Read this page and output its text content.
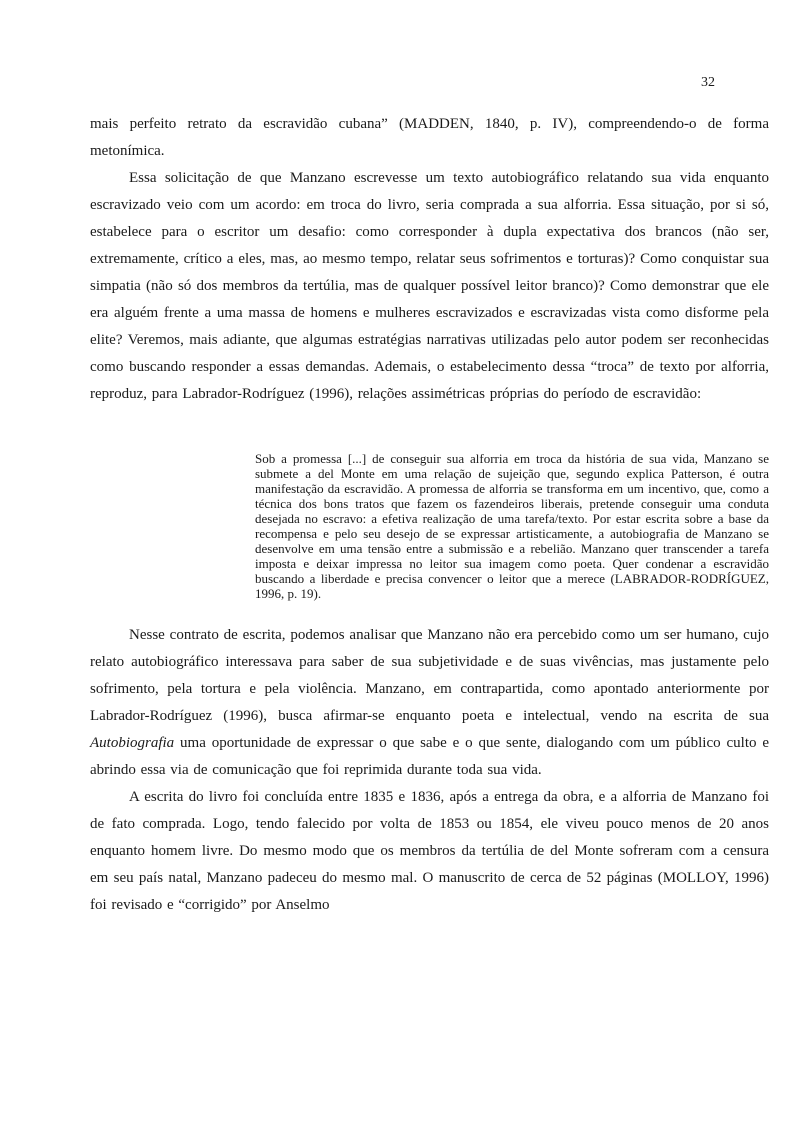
32

mais perfeito retrato da escravidão cubana” (MADDEN, 1840, p. IV), compreendendo-o de forma metonímica.

Essa solicitação de que Manzano escrevesse um texto autobiográfico relatando sua vida enquanto escravizado veio com um acordo: em troca do livro, seria comprada a sua alforria. Essa situação, por si só, estabelece para o escritor um desafio: como corresponder à dupla expectativa dos brancos (não ser, extremamente, crítico a eles, mas, ao mesmo tempo, relatar seus sofrimentos e torturas)? Como conquistar sua simpatia (não só dos membros da tertúlia, mas de qualquer possível leitor branco)? Como demonstrar que ele era alguém frente a uma massa de homens e mulheres escravizados e escravizadas vista como disforme pela elite? Veremos, mais adiante, que algumas estratégias narrativas utilizadas pelo autor podem ser reconhecidas como buscando responder a essas demandas. Ademais, o estabelecimento dessa “troca” de texto por alforria, reproduz, para Labrador-Rodríguez (1996), relações assimétricas próprias do período de escravidão:

Sob a promessa [...] de conseguir sua alforria em troca da história de sua vida, Manzano se submete a del Monte em uma relação de sujeição que, segundo explica Patterson, é outra manifestação da escravidão. A promessa de alforria se transforma em um incentivo, que, como a técnica dos bons tratos que fazem os fazendeiros liberais, pretende conseguir uma conduta desejada no escravo: a efetiva realização de uma tarefa/texto. Por estar escrita sobre a base da recompensa e pelo seu desejo de se expressar artisticamente, a autobiografia de Manzano se desenvolve em uma tensão entre a submissão e a rebelião. Manzano quer transcender a tarefa imposta e deixar impressa no leitor sua imagem como poeta. Quer condenar a escravidão buscando a liberdade e precisa convencer o leitor que a merece (LABRADOR-RODRÍGUEZ, 1996, p. 19).

Nesse contrato de escrita, podemos analisar que Manzano não era percebido como um ser humano, cujo relato autobiográfico interessava para saber de sua subjetividade e de suas vivências, mas justamente pelo sofrimento, pela tortura e pela violência. Manzano, em contrapartida, como apontado anteriormente por Labrador-Rodríguez (1996), busca afirmar-se enquanto poeta e intelectual, vendo na escrita de sua Autobiografia uma oportunidade de expressar o que sabe e o que sente, dialogando com um público culto e abrindo essa via de comunicação que foi reprimida durante toda sua vida.

A escrita do livro foi concluída entre 1835 e 1836, após a entrega da obra, e a alforria de Manzano foi de fato comprada. Logo, tendo falecido por volta de 1853 ou 1854, ele viveu pouco menos de 20 anos enquanto homem livre. Do mesmo modo que os membros da tertúlia de del Monte sofreram com a censura em seu país natal, Manzano padeceu do mesmo mal. O manuscrito de cerca de 52 páginas (MOLLOY, 1996) foi revisado e “corrigido” por Anselmo
